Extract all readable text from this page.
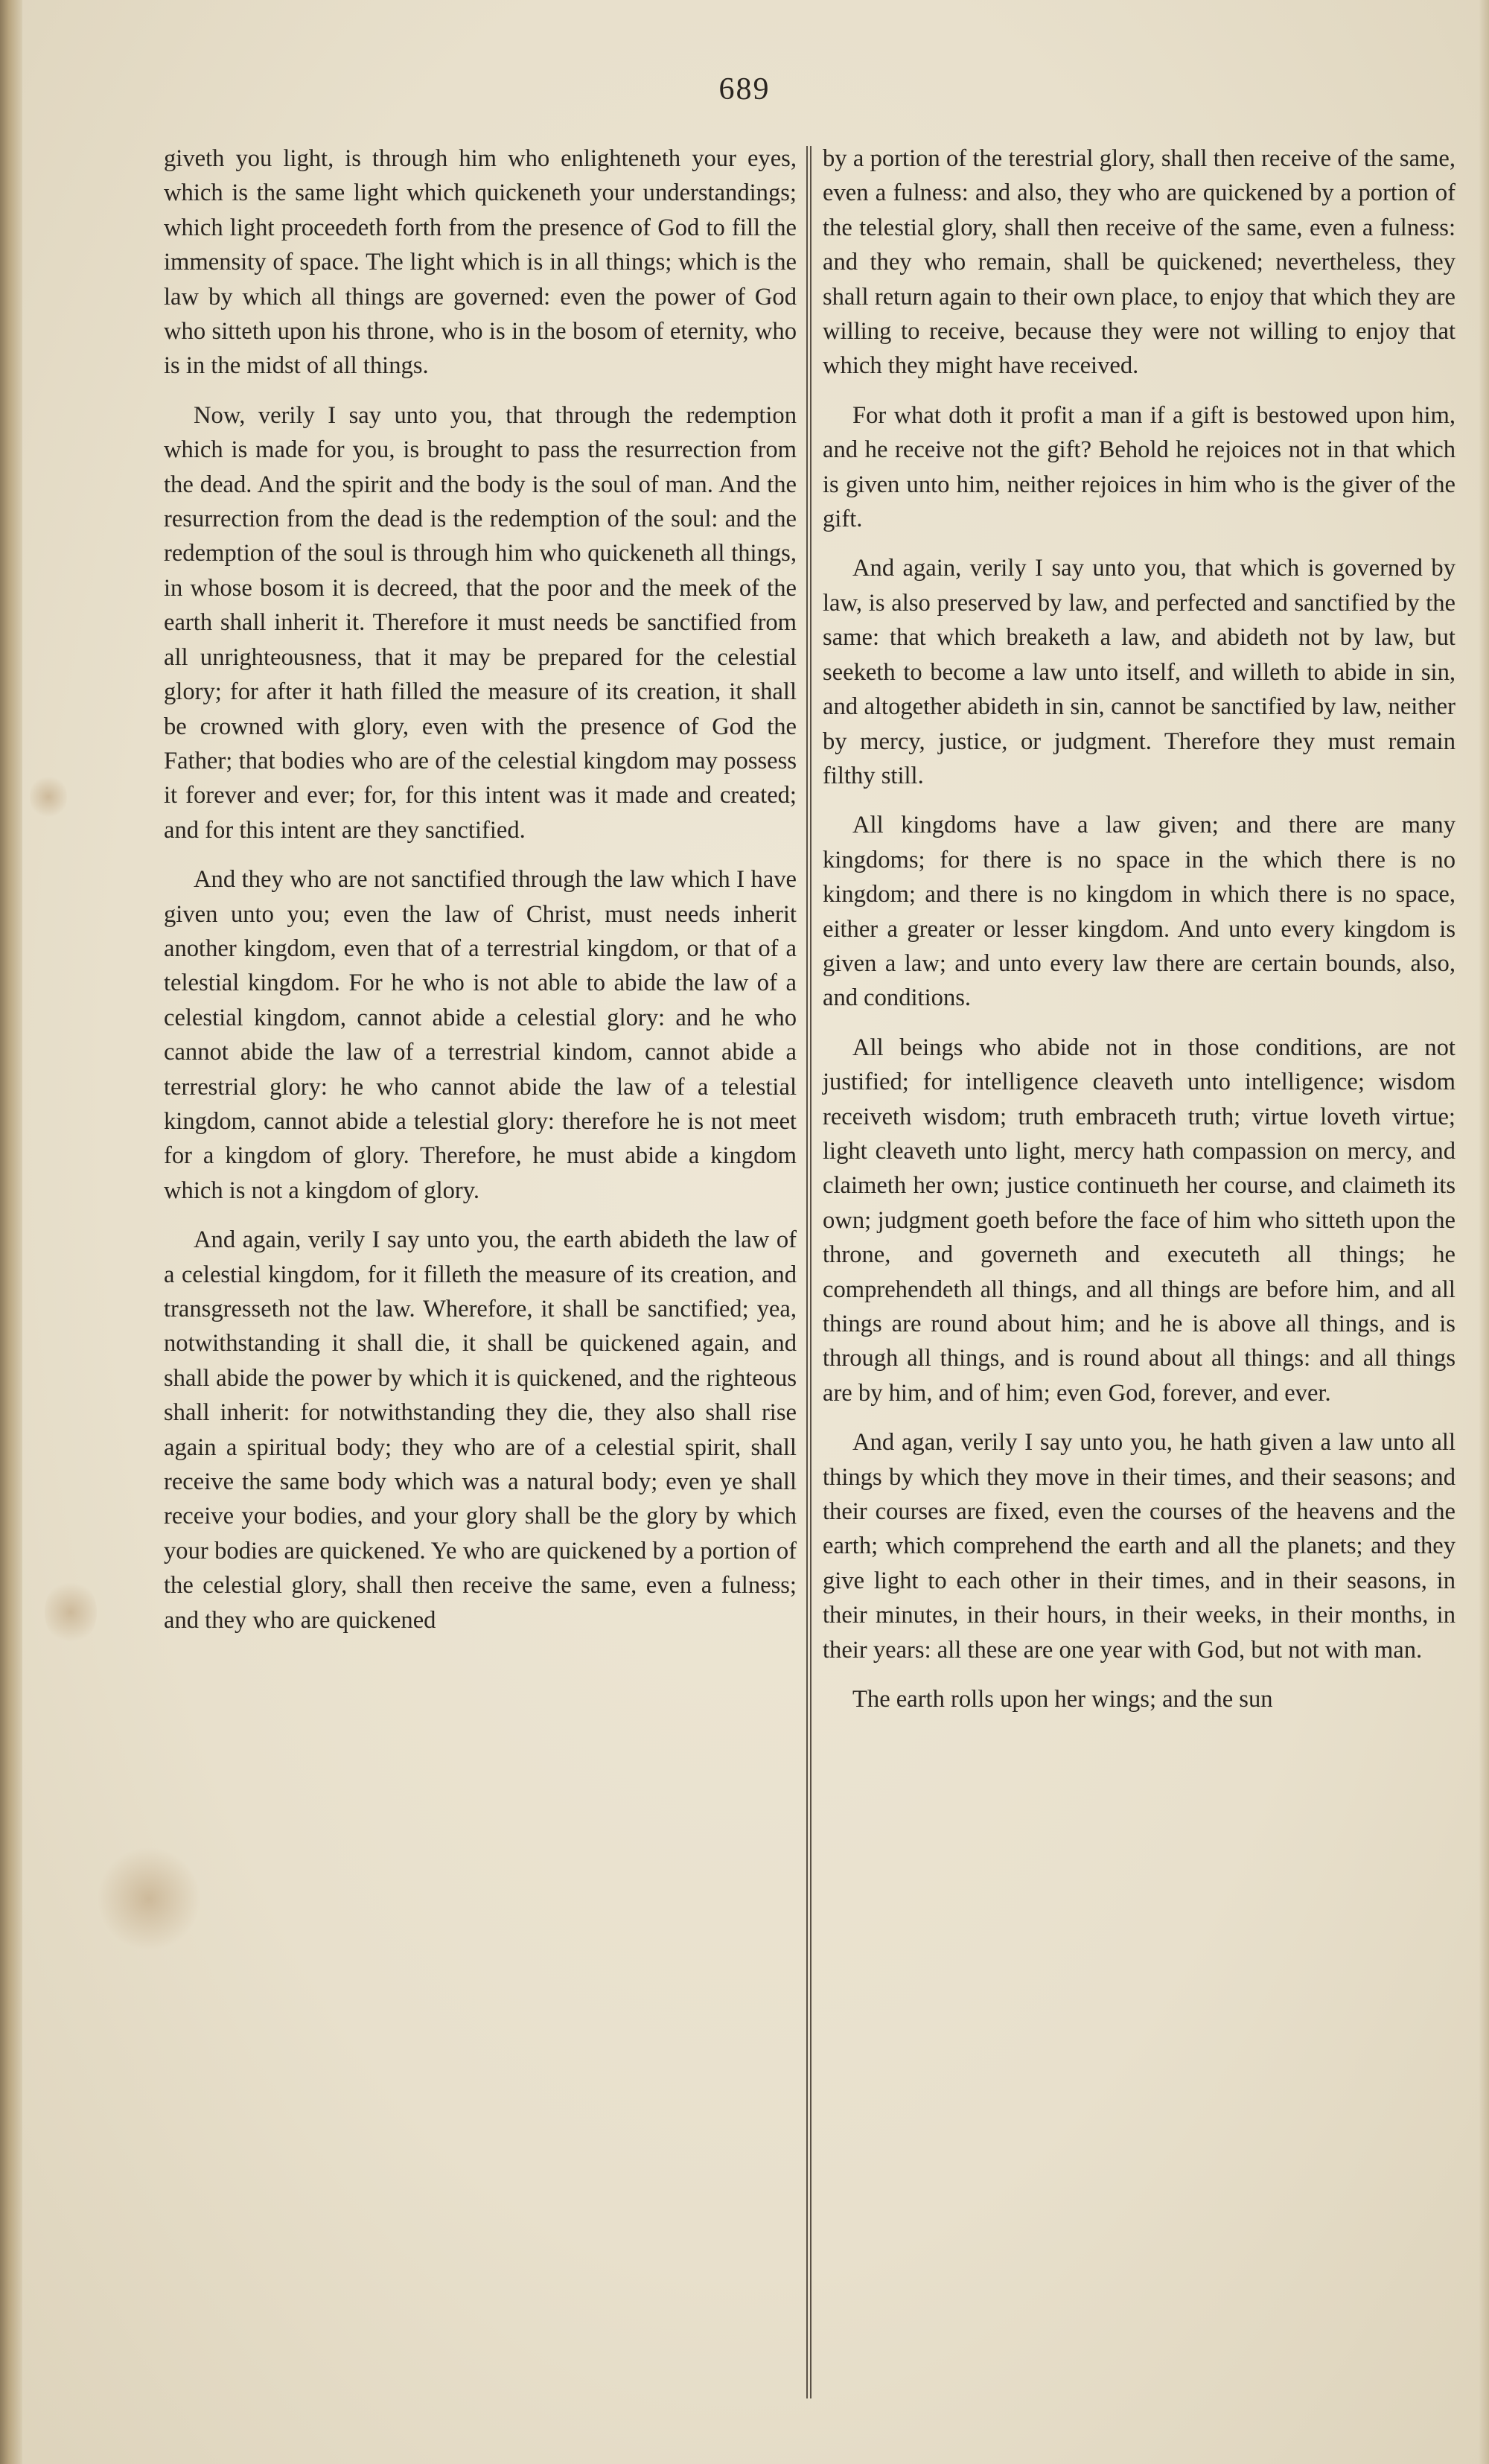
689

giveth you light, is through him who enlighteneth your eyes, which is the same light which quickeneth your understandings; which light proceedeth forth from the presence of God to fill the immensity of space. The light which is in all things; which is the law by which all things are governed: even the power of God who sitteth upon his throne, who is in the bosom of eternity, who is in the midst of all things.

Now, verily I say unto you, that through the redemption which is made for you, is brought to pass the resurrection from the dead. And the spirit and the body is the soul of man. And the resurrection from the dead is the redemption of the soul: and the redemption of the soul is through him who quickeneth all things, in whose bosom it is decreed, that the poor and the meek of the earth shall inherit it. Therefore it must needs be sanctified from all unrighteousness, that it may be prepared for the celestial glory; for after it hath filled the measure of its creation, it shall be crowned with glory, even with the presence of God the Father; that bodies who are of the celestial kingdom may possess it forever and ever; for, for this intent was it made and created; and for this intent are they sanctified.

And they who are not sanctified through the law which I have given unto you; even the law of Christ, must needs inherit another kingdom, even that of a terrestrial kingdom, or that of a telestial kingdom. For he who is not able to abide the law of a celestial kingdom, cannot abide a celestial glory: and he who cannot abide the law of a terrestrial kindom, cannot abide a terrestrial glory: he who cannot abide the law of a telestial kingdom, cannot abide a telestial glory: therefore he is not meet for a kingdom of glory. Therefore, he must abide a kingdom which is not a kingdom of glory.

And again, verily I say unto you, the earth abideth the law of a celestial kingdom, for it filleth the measure of its creation, and transgresseth not the law. Wherefore, it shall be sanctified; yea, notwithstanding it shall die, it shall be quickened again, and shall abide the power by which it is quickened, and the righteous shall inherit: for notwithstanding they die, they also shall rise again a spiritual body; they who are of a celestial spirit, shall receive the same body which was a natural body; even ye shall receive your bodies, and your glory shall be the glory by which your bodies are quickened. Ye who are quickened by a portion of the celestial glory, shall then receive the same, even a fulness; and they who are quickened

by a portion of the terestrial glory, shall then receive of the same, even a fulness: and also, they who are quickened by a portion of the telestial glory, shall then receive of the same, even a fulness: and they who remain, shall be quickened; nevertheless, they shall return again to their own place, to enjoy that which they are willing to receive, because they were not willing to enjoy that which they might have received.

For what doth it profit a man if a gift is bestowed upon him, and he receive not the gift? Behold he rejoices not in that which is given unto him, neither rejoices in him who is the giver of the gift.

And again, verily I say unto you, that which is governed by law, is also preserved by law, and perfected and sanctified by the same: that which breaketh a law, and abideth not by law, but seeketh to become a law unto itself, and willeth to abide in sin, and altogether abideth in sin, cannot be sanctified by law, neither by mercy, justice, or judgment. Therefore they must remain filthy still.

All kingdoms have a law given; and there are many kingdoms; for there is no space in the which there is no kingdom; and there is no kingdom in which there is no space, either a greater or lesser kingdom. And unto every kingdom is given a law; and unto every law there are certain bounds, also, and conditions.

All beings who abide not in those conditions, are not justified; for intelligence cleaveth unto intelligence; wisdom receiveth wisdom; truth embraceth truth; virtue loveth virtue; light cleaveth unto light, mercy hath compassion on mercy, and claimeth her own; justice continueth her course, and claimeth its own; judgment goeth before the face of him who sitteth upon the throne, and governeth and executeth all things; he comprehendeth all things, and all things are before him, and all things are round about him; and he is above all things, and is through all things, and is round about all things: and all things are by him, and of him; even God, forever, and ever.

And agan, verily I say unto you, he hath given a law unto all things by which they move in their times, and their seasons; and their courses are fixed, even the courses of the heavens and the earth; which comprehend the earth and all the planets; and they give light to each other in their times, and in their seasons, in their minutes, in their hours, in their weeks, in their months, in their years: all these are one year with God, but not with man.

The earth rolls upon her wings; and the sun
